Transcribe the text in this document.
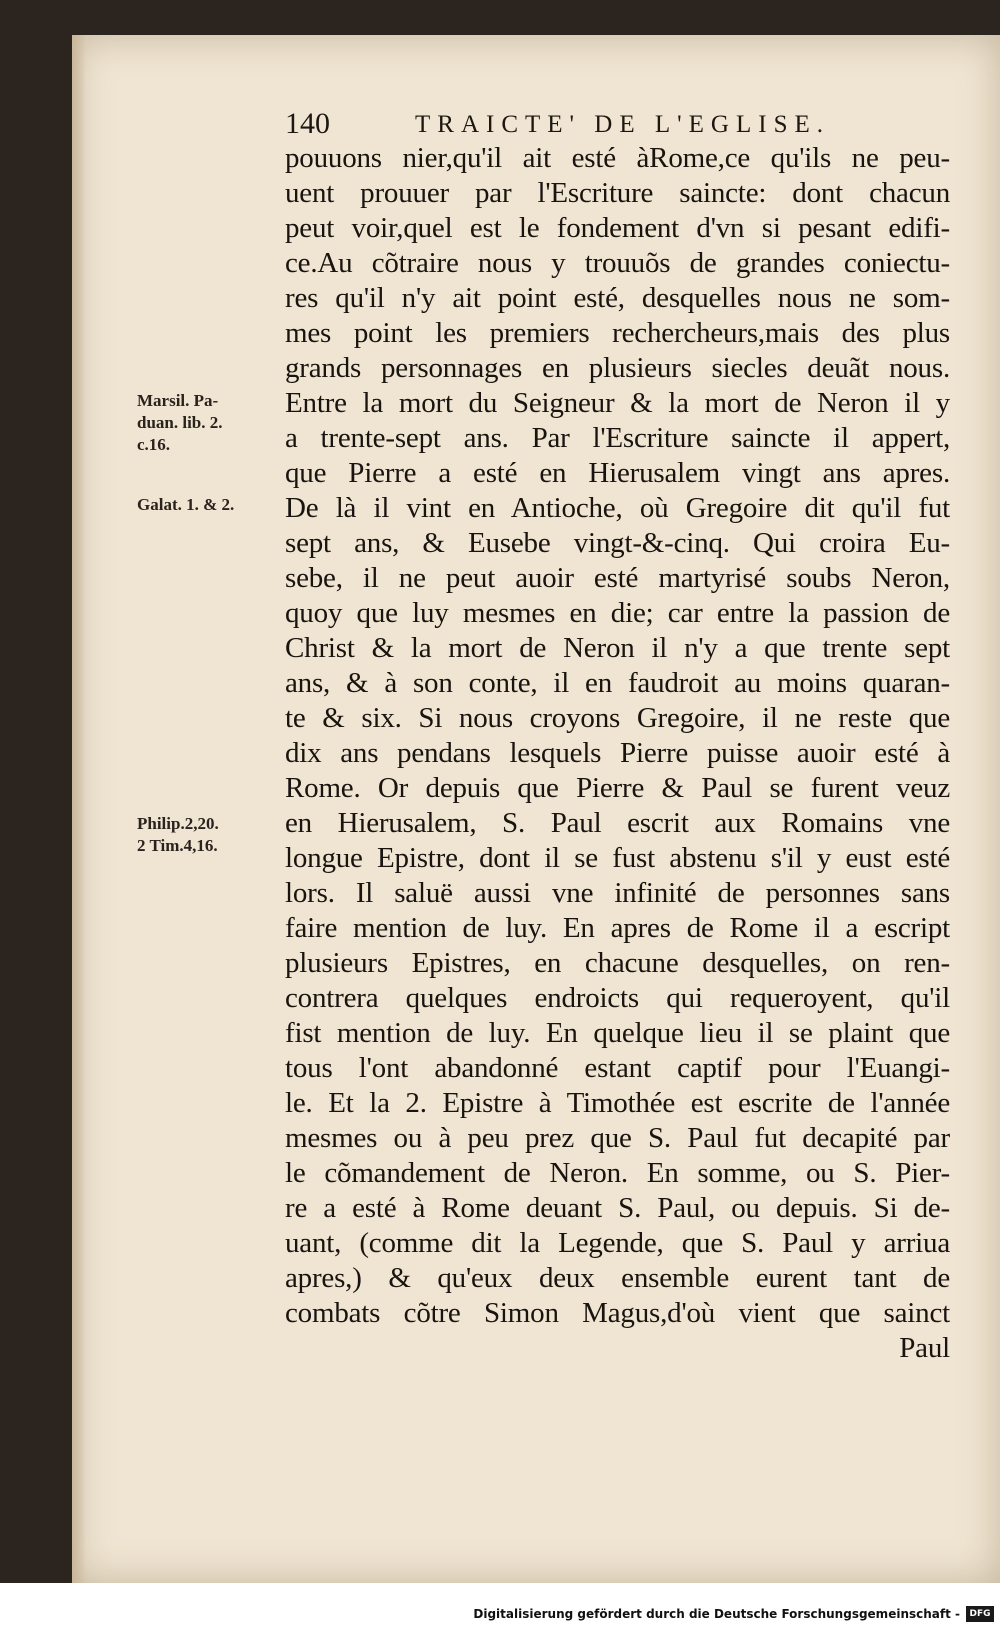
140	TRAICTE' DE L'EGLISE.
Marsil. Pa-
duan. lib. 2.
c.16.
Galat. 1. & 2.
Philip.2,20.
2 Tim.4,16.
pouuons nier,qu'il ait esté àRome,ce qu'ils ne peu-
uent prouuer par l'Escriture saincte: dont chacun
peut voir,quel est le fondement d'vn si pesant edifi-
ce.Au cõtraire nous y trouuõs de grandes coniectu-
res qu'il n'y ait point esté, desquelles nous ne som-
mes point les premiers rechercheurs,mais des plus
grands personnages en plusieurs siecles deuãt nous.
Entre la mort du Seigneur & la mort de Neron il y
a trente-sept ans. Par l'Escriture saincte il appert,
que Pierre a esté en Hierusalem vingt ans apres.
De là il vint en Antioche, où Gregoire dit qu'il fut
sept ans, & Eusebe vingt-&-cinq. Qui croira Eu-
sebe, il ne peut auoir esté martyrisé soubs Neron,
quoy que luy mesmes en die; car entre la passion de
Christ & la mort de Neron il n'y a que trente sept
ans, & à son conte, il en faudroit au moins quaran-
te & six. Si nous croyons Gregoire, il ne reste que
dix ans pendans lesquels Pierre puisse auoir esté à
Rome. Or depuis que Pierre & Paul se furent veuz
en Hierusalem, S. Paul escrit aux Romains vne
longue Epistre, dont il se fust abstenu s'il y eust esté
lors. Il saluë aussi vne infinité de personnes sans
faire mention de luy. En apres de Rome il a escript
plusieurs Epistres, en chacune desquelles, on ren-
contrera quelques endroicts qui requeroyent, qu'il
fist mention de luy. En quelque lieu il se plaint que
tous l'ont abandonné estant captif pour l'Euangi-
le. Et la 2. Epistre à Timothée est escrite de l'année
mesmes ou à peu prez que S. Paul fut decapité par
le cõmandement de Neron. En somme, ou S. Pier-
re a esté à Rome deuant S. Paul, ou depuis. Si de-
uant, (comme dit la Legende, que S. Paul y arriua
apres,) & qu'eux deux ensemble eurent tant de
combats cõtre Simon Magus,d'où vient que sainct
Paul
Digitalisierung gefördert durch die Deutsche Forschungsgemeinschaft -	DFG
